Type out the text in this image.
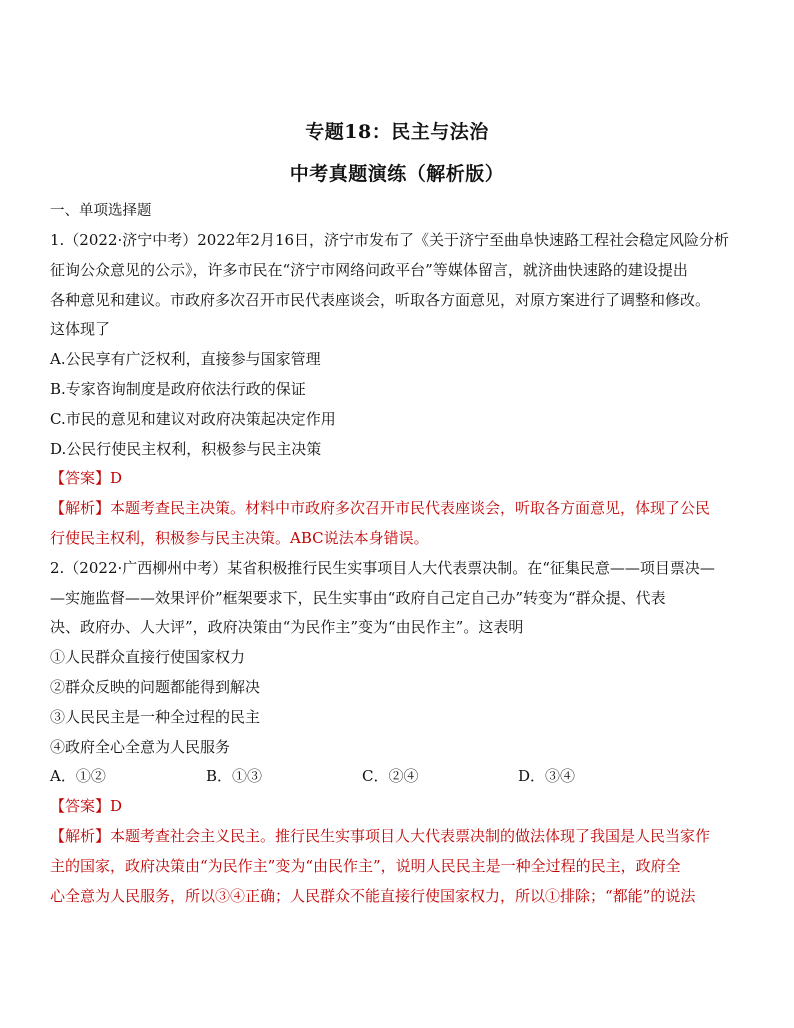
专题18：民主与法治
中考真题演练（解析版）
一、单项选择题
1.（2022·济宁中考）2022年2月16日，济宁市发布了《关于济宁至曲阜快速路工程社会稳定风险分析
征询公众意见的公示》，许多市民在“济宁市网络问政平台”等媒体留言，就济曲快速路的建设提出
各种意见和建议。市政府多次召开市民代表座谈会，听取各方面意见，对原方案进行了调整和修改。
这体现了
A.公民享有广泛权利，直接参与国家管理
B.专家咨询制度是政府依法行政的保证
C.市民的意见和建议对政府决策起决定作用
D.公民行使民主权利，积极参与民主决策
【答案】D
【解析】本题考查民主决策。材料中市政府多次召开市民代表座谈会，听取各方面意见，体现了公民
行使民主权利，积极参与民主决策。ABC说法本身错误。
2.（2022·广西柳州中考）某省积极推行民生实事项目人大代表票决制。在“征集民意——项目票决—
—实施监督——效果评价”框架要求下，民生实事由“政府自己定自己办”转变为“群众提、代表
决、政府办、人大评”，政府决策由“为民作主”变为“由民作主”。这表明
①人民群众直接行使国家权力
②群众反映的问题都能得到解决
③人民民主是一种全过程的民主
④政府全心全意为人民服务
A．①②	B．①③	C．②④	D．③④
【答案】D
【解析】本题考查社会主义民主。推行民生实事项目人大代表票决制的做法体现了我国是人民当家作
主的国家，政府决策由“为民作主”变为“由民作主”，说明人民民主是一种全过程的民主，政府全
心全意为人民服务，所以③④正确；人民群众不能直接行使国家权力，所以①排除；“都能”的说法
